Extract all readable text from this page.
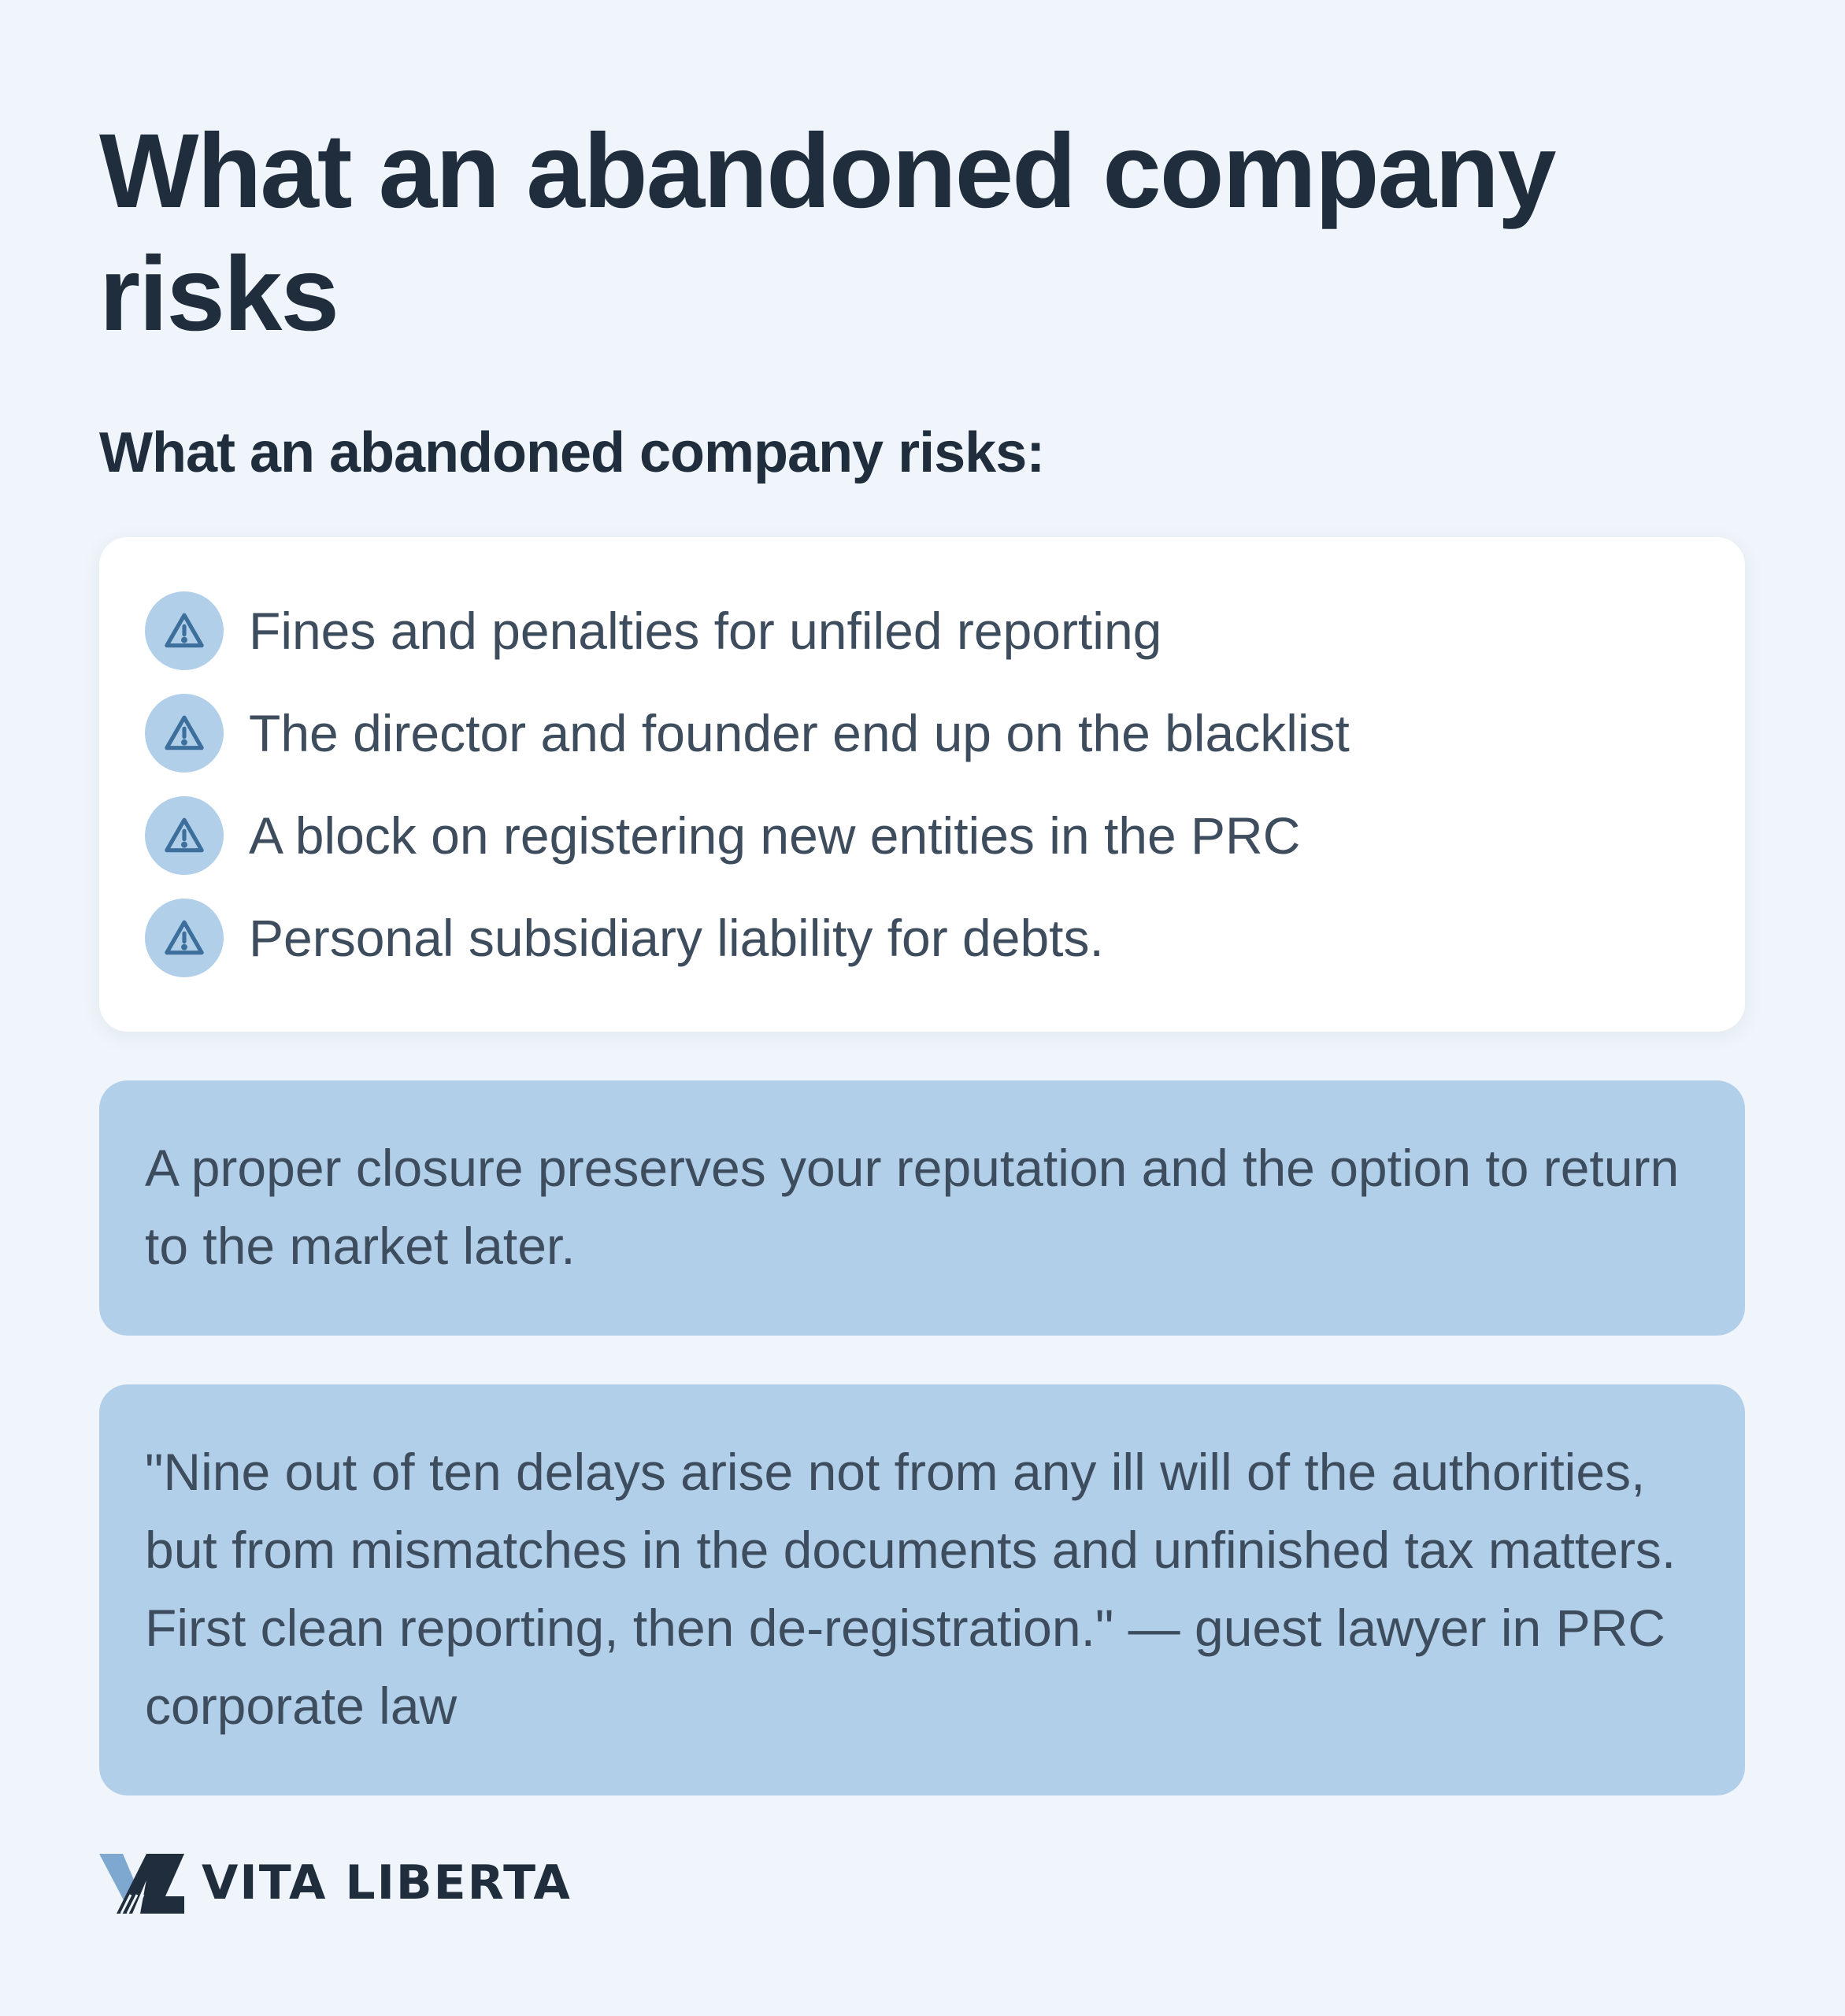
What an abandoned company risks
What an abandoned company risks:
Fines and penalties for unfiled reporting
The director and founder end up on the blacklist
A block on registering new entities in the PRC
Personal subsidiary liability for debts.

A proper closure preserves your reputation and the option to return to the market later.

"Nine out of ten delays arise not from any ill will of the authorities, but from mismatches in the documents and unfinished tax matters. First clean reporting, then de-registration." — guest lawyer in PRC corporate law

VITA LIBERTA
